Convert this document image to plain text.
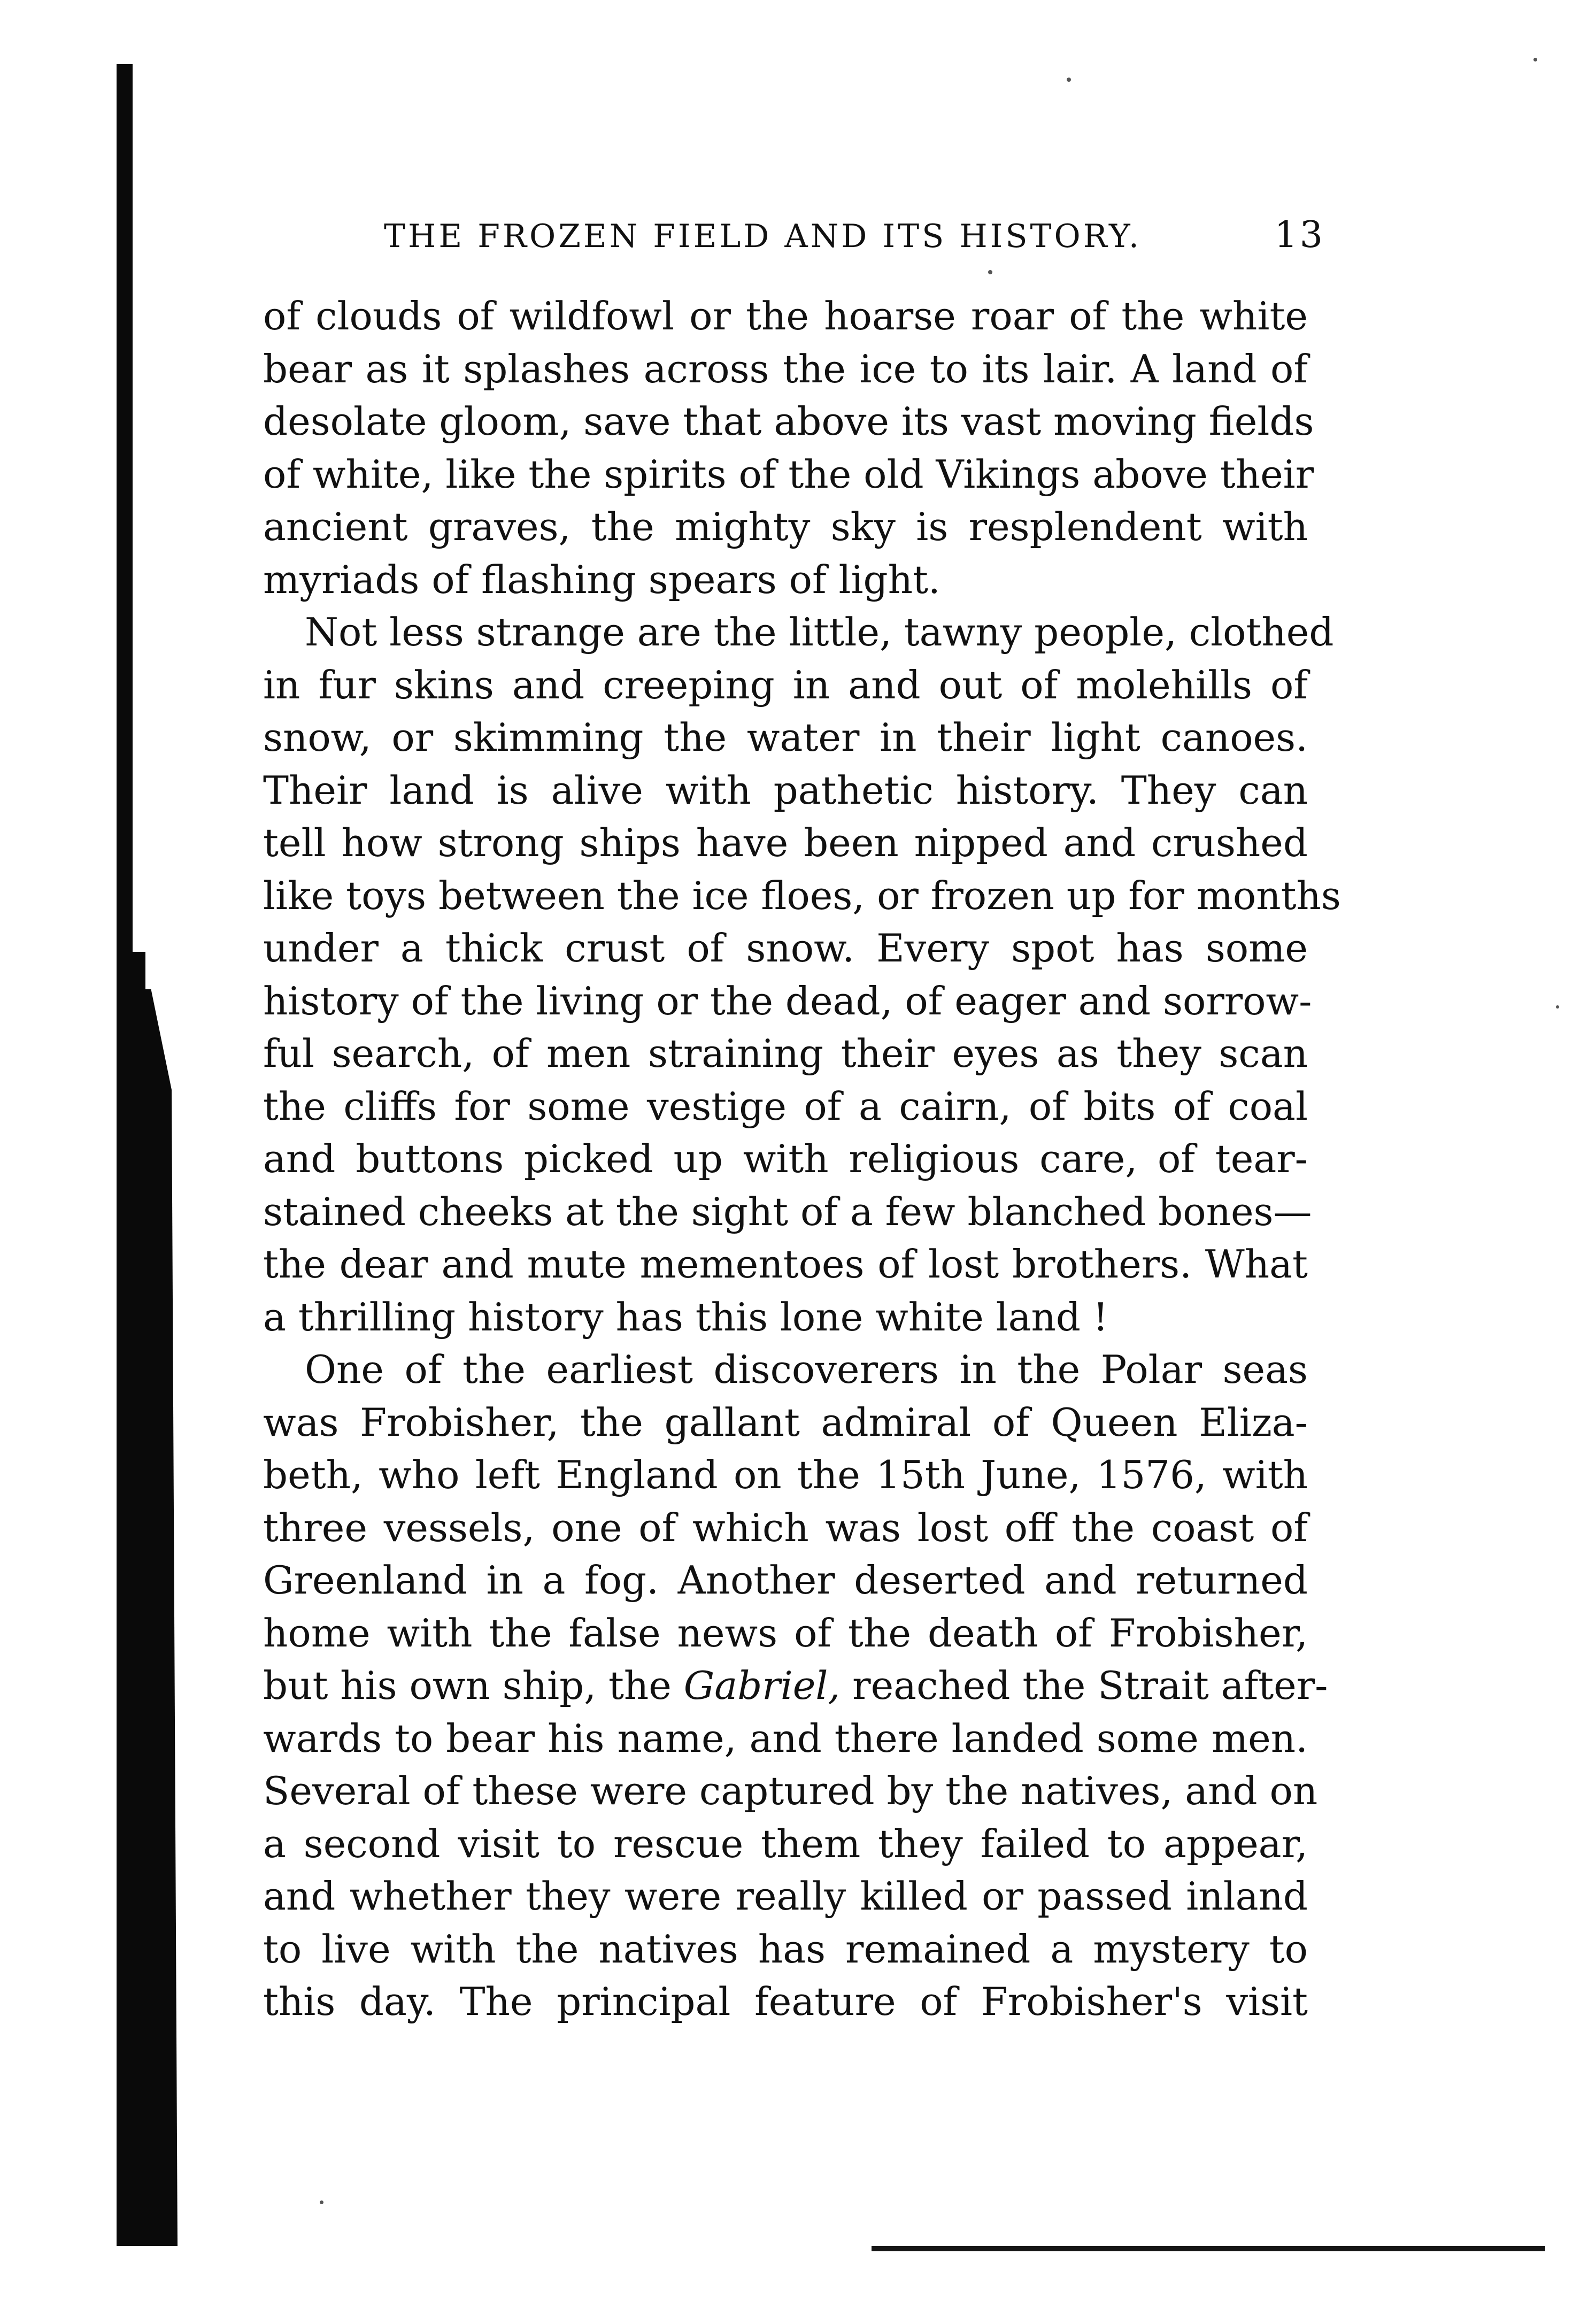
THE FROZEN FIELD AND ITS HISTORY.	13
of clouds of wildfowl or the hoarse roar of the white
bear as it splashes across the ice to its lair. A land of
desolate gloom, save that above its vast moving fields
of white, like the spirits of the old Vikings above their
ancient graves, the mighty sky is resplendent with
myriads of flashing spears of light.
Not less strange are the little, tawny people, clothed
in fur skins and creeping in and out of molehills of
snow, or skimming the water in their light canoes.
Their land is alive with pathetic history. They can
tell how strong ships have been nipped and crushed
like toys between the ice floes, or frozen up for months
under a thick crust of snow. Every spot has some
history of the living or the dead, of eager and sorrow-
ful search, of men straining their eyes as they scan
the cliffs for some vestige of a cairn, of bits of coal
and buttons picked up with religious care, of tear-
stained cheeks at the sight of a few blanched bones—
the dear and mute mementoes of lost brothers. What
a thrilling history has this lone white land !
One of the earliest discoverers in the Polar seas
was Frobisher, the gallant admiral of Queen Eliza-
beth, who left England on the 15th June, 1576, with
three vessels, one of which was lost off the coast of
Greenland in a fog. Another deserted and returned
home with the false news of the death of Frobisher,
but his own ship, the Gabriel, reached the Strait after-
wards to bear his name, and there landed some men.
Several of these were captured by the natives, and on
a second visit to rescue them they failed to appear,
and whether they were really killed or passed inland
to live with the natives has remained a mystery to
this day. The principal feature of Frobisher's visit
